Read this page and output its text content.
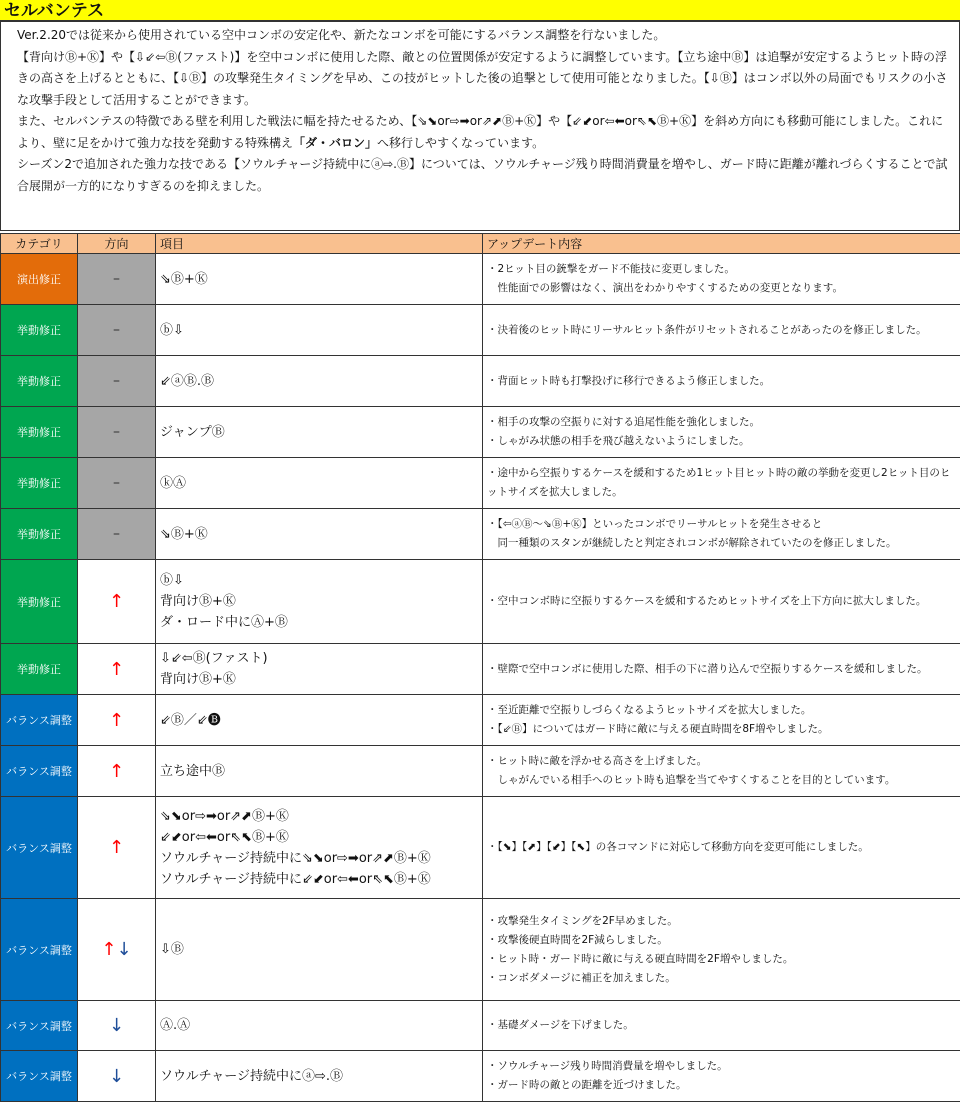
セルバンテス

Ver.2.20では従来から使用されている空中コンボの安定化や、新たなコンボを可能にするバランス調整を行ないました。

【背向けⒷ+Ⓚ】や【⇩⇙⇦Ⓑ(ファスト)】を空中コンボに使用した際、敵との位置関係が安定するように調整しています。【立ち途中Ⓑ】は追撃が安定するようヒット時の浮きの高さを上げるとともに、【⇩Ⓑ】の攻撃発生タイミングを早め、この技がヒットした後の追撃として使用可能となりました。【⇩Ⓑ】はコンボ以外の局面でもリスクの小さな攻撃手段として活用することができます。

また、セルバンテスの特徴である壁を利用した戦法に幅を持たせるため、【⇘⬊or⇨➡or⇗⬈Ⓑ+Ⓚ】や【⇙⬋or⇦⬅or⇖⬉Ⓑ+Ⓚ】を斜め方向にも移動可能にしました。これにより、壁に足をかけて強力な技を発動する特殊構え「ダ・バロン」へ移行しやすくなっています。

シーズン2で追加された強力な技である【ソウルチャージ持続中にⓐ⇨.Ⓑ】については、ソウルチャージ残り時間消費量を増やし、ガード時に距離が離れづらくすることで試合展開が一方的になりすぎるのを抑えました。

カテゴリ	方向	項目	アップデート内容
演出修正	–	⇘Ⓑ+Ⓚ	・2ヒット目の銃撃をガード不能技に変更しました。
　性能面での影響はなく、演出をわかりやすくするための変更となります。

挙動修正	–	ⓑ⇩	・決着後のヒット時にリーサルヒット条件がリセットされることがあったのを修正しました。

挙動修正	–	⇙ⓐⒷ.Ⓑ	・背面ヒット時も打撃投げに移行できるよう修正しました。

挙動修正	–	ジャンプⒷ	・相手の攻撃の空振りに対する追尾性能を強化しました。
・しゃがみ状態の相手を飛び越えないようにしました。

挙動修正	–	ⓚⒶ	・途中から空振りするケースを緩和するため1ヒット目ヒット時の敵の挙動を変更し2ヒット目のヒットサイズを拡大しました。

挙動修正	–	⇘Ⓑ+Ⓚ	・【⇦ⓐⒷ～⇘Ⓑ+Ⓚ】といったコンボでリーサルヒットを発生させると
　同一種類のスタンが継続したと判定されコンボが解除されていたのを修正しました。

挙動修正	↑	ⓑ⇩
背向けⒷ+Ⓚ
ダ・ロード中にⒶ+Ⓑ	・空中コンボ時に空振りするケースを緩和するためヒットサイズを上下方向に拡大しました。

挙動修正	↑	⇩⇙⇦Ⓑ(ファスト)
背向けⒷ+Ⓚ	・壁際で空中コンボに使用した際、相手の下に潜り込んで空振りするケースを緩和しました。

バランス調整	↑	⇙Ⓑ／⇙🅑	・至近距離で空振りしづらくなるようヒットサイズを拡大しました。
・【⇙Ⓑ】についてはガード時に敵に与える硬直時間を8F増やしました。

バランス調整	↑	立ち途中Ⓑ	・ヒット時に敵を浮かせる高さを上げました。
　しゃがんでいる相手へのヒット時も追撃を当てやすくすることを目的としています。

バランス調整	↑	⇘⬊or⇨➡or⇗⬈Ⓑ+Ⓚ
⇙⬋or⇦⬅or⇖⬉Ⓑ+Ⓚ
ソウルチャージ持続中に⇘⬊or⇨➡or⇗⬈Ⓑ+Ⓚ
ソウルチャージ持続中に⇙⬋or⇦⬅or⇖⬉Ⓑ+Ⓚ	・【⬊】【⬈】【⬋】【⬉】の各コマンドに対応して移動方向を変更可能にしました。

バランス調整	↑↓	⇩Ⓑ	・攻撃発生タイミングを2F早めました。
・攻撃後硬直時間を2F減らしました。
・ヒット時・ガード時に敵に与える硬直時間を2F増やしました。
・コンボダメージに補正を加えました。

バランス調整	↓	Ⓐ.Ⓐ	・基礎ダメージを下げました。

バランス調整	↓	ソウルチャージ持続中にⓐ⇨.Ⓑ	・ソウルチャージ残り時間消費量を増やしました。
・ガード時の敵との距離を近づけました。
